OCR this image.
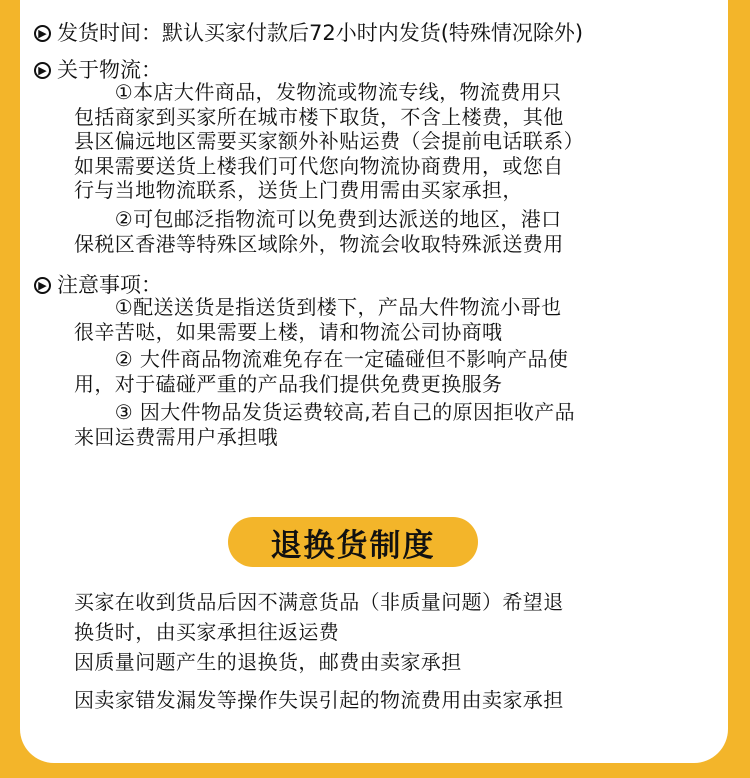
▶ 发货时间： 默认买家付款后72小时内发货(特殊情况除外)
▶ 关于物流：
　　①本店大件商品，发物流或物流专线，物流费用只
包括商家到买家所在城市楼下取货，不含上楼费，其他
县区偏远地区需要买家额外补贴运费（会提前电话联系）
如果需要送货上楼我们可代您向物流协商费用，或您自
行与当地物流联系，送货上门费用需由买家承担，
　　②可包邮泛指物流可以免费到达派送的地区，港口
保税区香港等特殊区域除外，物流会收取特殊派送费用
▶ 注意事项：
　　①配送送货是指送货到楼下，产品大件物流小哥也
很辛苦哒，如果需要上楼，请和物流公司协商哦
　　② 大件商品物流难免存在一定磕碰但不影响产品使
用，对于磕碰严重的产品我们提供免费更换服务
　　③ 因大件物品发货运费较高,若自己的原因拒收产品
来回运费需用户承担哦
退换货制度
买家在收到货品后因不满意货品（非质量问题）希望退
换货时，由买家承担往返运费
因质量问题产生的退换货，邮费由卖家承担
因卖家错发漏发等操作失误引起的物流费用由卖家承担
